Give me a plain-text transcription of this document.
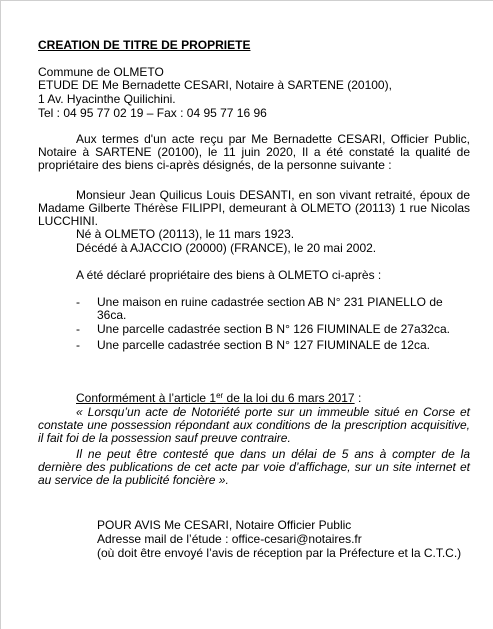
CREATION DE TITRE DE PROPRIETE
Commune de OLMETO
ETUDE DE Me Bernadette CESARI, Notaire à SARTENE (20100),
1 Av. Hyacinthe Quilichini.
Tel : 04 95 77 02 19 – Fax : 04 95 77 16 96
Aux termes d'un acte reçu par Me Bernadette CESARI, Officier Public, Notaire à SARTENE (20100), le 11 juin 2020, Il a été constaté la qualité de propriétaire des biens ci-après désignés, de la personne suivante :
Monsieur Jean Quilicus Louis DESANTI, en son vivant retraité, époux de Madame Gilberte Thérèse FILIPPI, demeurant à OLMETO (20113) 1 rue Nicolas LUCCHINI.
Né à OLMETO (20113), le 11 mars 1923.
Décédé à AJACCIO (20000) (FRANCE), le 20 mai 2002.
A été déclaré propriétaire des biens à OLMETO ci-après :
- Une maison en ruine cadastrée section AB N° 231 PIANELLO de 36ca.
- Une parcelle cadastrée section B N° 126 FIUMINALE de 27a32ca.
- Une parcelle cadastrée section B N° 127 FIUMINALE de 12ca.
Conformément à l’article 1er de la loi du 6 mars 2017 :
« Lorsqu’un acte de Notoriété porte sur un immeuble situé en Corse et constate une possession répondant aux conditions de la prescription acquisitive, il fait foi de la possession sauf preuve contraire.
Il ne peut être contesté que dans un délai de 5 ans à compter de la dernière des publications de cet acte par voie d’affichage, sur un site internet et au service de la publicité foncière ».
POUR AVIS Me CESARI, Notaire Officier Public
Adresse mail de l’étude : office-cesari@notaires.fr
(où doit être envoyé l’avis de réception par la Préfecture et la C.T.C.)
